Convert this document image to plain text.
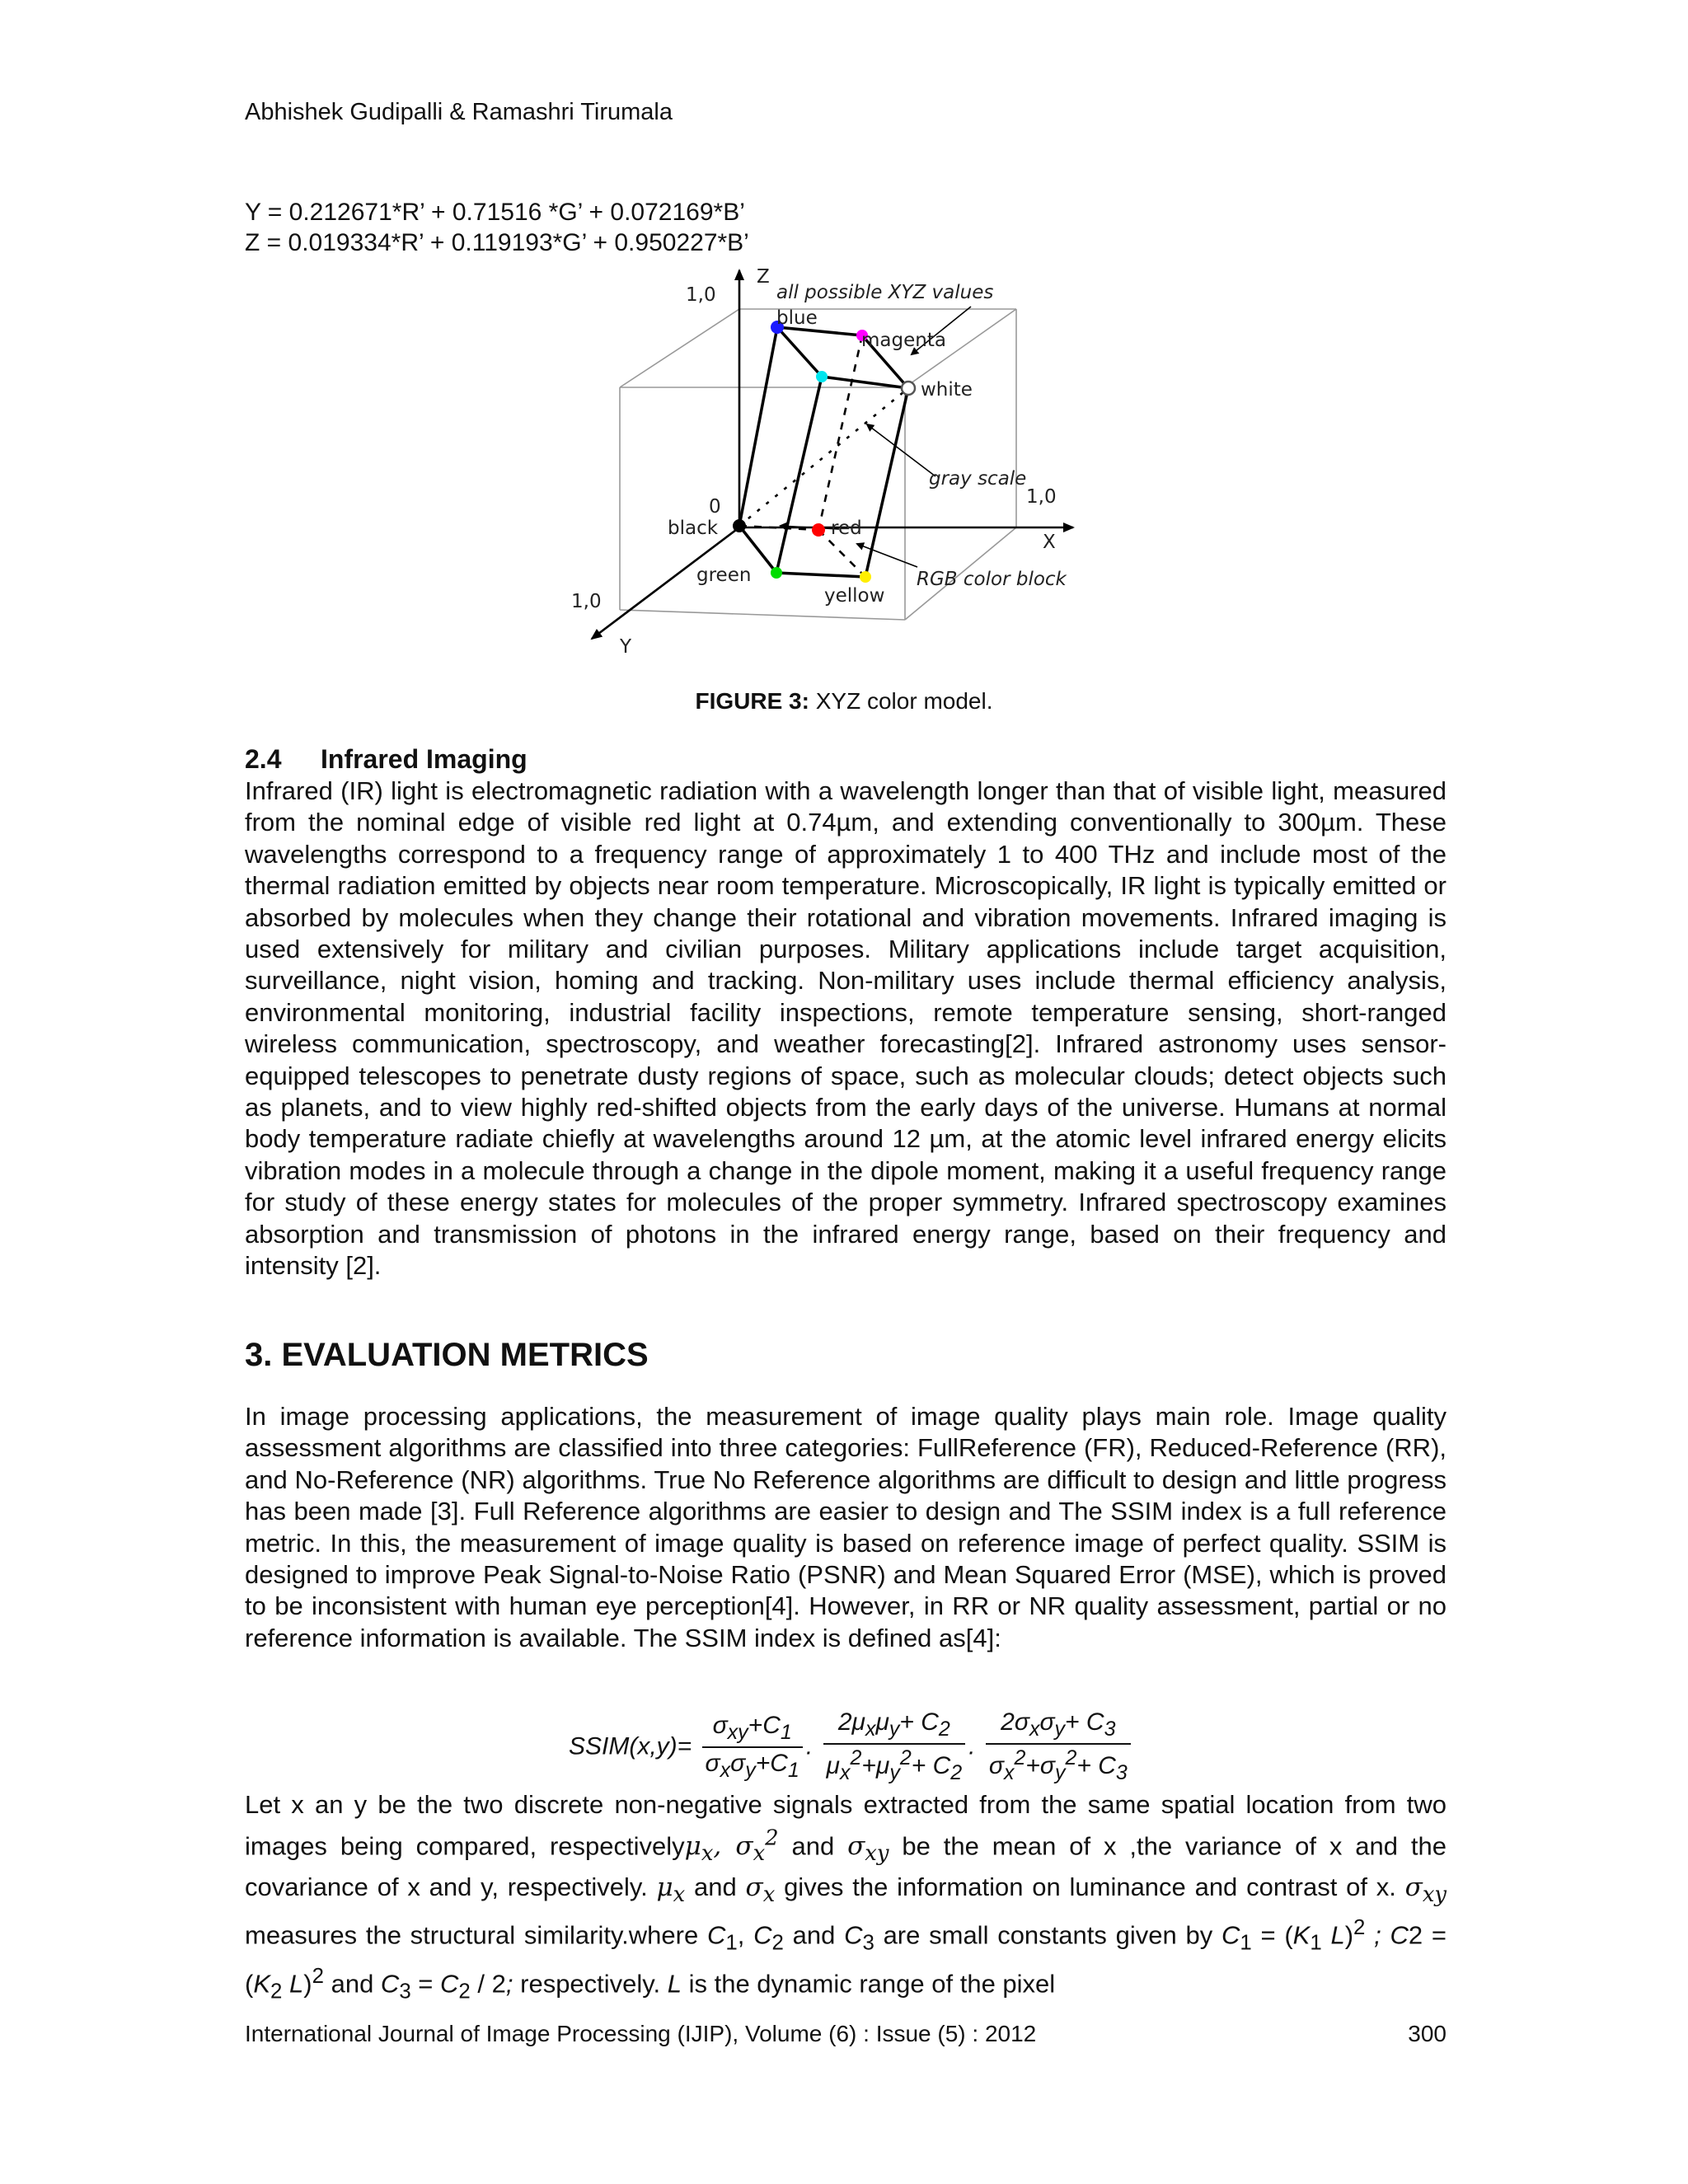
Abhishek Gudipalli & Ramashri Tirumala
Y = 0.212671*R’ + 0.71516 *G’ + 0.072169*B’
Z = 0.019334*R’ + 0.119193*G’ + 0.950227*B’
Z
1,0	all possible XYZ values
blue
magenta
white
gray scale
1,0
X
0
black	red
green
yellow
RGB color block
1,0
Y
FIGURE 3: XYZ color model.
2.4 Infrared Imaging
Infrared (IR) light is electromagnetic radiation with a wavelength longer than that of visible light, measured from the nominal edge of visible red light at 0.74µm, and extending conventionally to 300µm. These wavelengths correspond to a frequency range of approximately 1 to 400 THz and include most of the thermal radiation emitted by objects near room temperature. Microscopically, IR light is typically emitted or absorbed by molecules when they change their rotational and vibration movements. Infrared imaging is used extensively for military and civilian purposes. Military applications include target acquisition, surveillance, night vision, homing and tracking. Non-military uses include thermal efficiency analysis, environmental monitoring, industrial facility inspections, remote temperature sensing, short-ranged wireless communication, spectroscopy, and weather forecasting[2]. Infrared astronomy uses sensor-equipped telescopes to penetrate dusty regions of space, such as molecular clouds; detect objects such as planets, and to view highly red-shifted objects from the early days of the universe. Humans at normal body temperature radiate chiefly at wavelengths around 12 µm, at the atomic level infrared energy elicits vibration modes in a molecule through a change in the dipole moment, making it a useful frequency range for study of these energy states for molecules of the proper symmetry. Infrared spectroscopy examines absorption and transmission of photons in the infrared energy range, based on their frequency and intensity [2].
3. EVALUATION METRICS
In image processing applications, the measurement of image quality plays main role. Image quality assessment algorithms are classified into three categories: FullReference (FR), Reduced-Reference (RR), and No-Reference (NR) algorithms. True No Reference algorithms are difficult to design and little progress has been made [3]. Full Reference algorithms are easier to design and The SSIM index is a full reference metric. In this, the measurement of image quality is based on reference image of perfect quality. SSIM is designed to improve Peak Signal-to-Noise Ratio (PSNR) and Mean Squared Error (MSE), which is proved to be inconsistent with human eye perception[4]. However, in RR or NR quality assessment, partial or no reference information is available. The SSIM index is defined as[4]:
SSIM(x,y)= $\frac{\sigma_{xy}+C_1}{\sigma_x\sigma_y+C_1}$ . $\frac{2\mu_x\mu_y+ C_2}{\mu_x^2+\mu_y^2+ C_2}$ . $\frac{2\sigma_x\sigma_y+ C_3}{\sigma_x^2+\sigma_y^2+ C_3}$
Let x an y be the two discrete non-negative signals extracted from the same spatial location from two images being compared, respectivelyμ$_x$, $\sigma_x^2$ and $\sigma_{xy}$ be the mean of x ,the variance of x and the covariance of x and y, respectively. $\mu_x$ and $\sigma_x$ gives the information on luminance and contrast of x. $\sigma_{xy}$ measures the structural similarity.where $C_1$, $C_2$ and $C_3$ are small constants given by $C_1 = (K_1$ L)$^2$ ; $C2 = (K_2$ L)$^2$ and $C_3 = C_2 / 2$; respectively. L is the dynamic range of the pixel
International Journal of Image Processing (IJIP), Volume (6) : Issue (5) : 2012	300
